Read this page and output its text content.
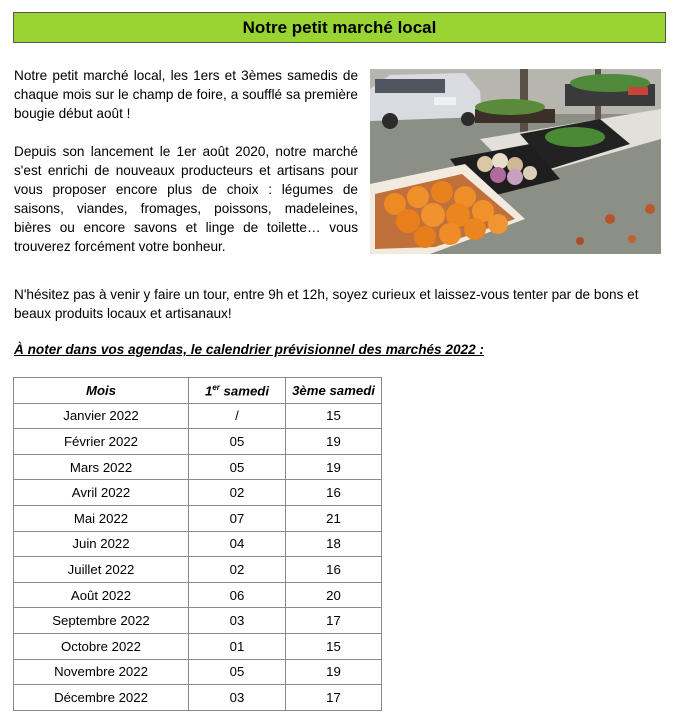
Notre petit marché local

Notre petit marché local, les 1ers et 3èmes samedis de chaque mois sur le champ de foire, a soufflé sa première bougie début août !

Depuis son lancement le 1er août 2020, notre marché s'est enrichi de nouveaux producteurs et artisans pour vous proposer encore plus de choix : légumes de saisons, viandes, fromages, poissons, madeleines, bières ou encore savons et linge de toilette… vous trouverez forcément votre bonheur.

N'hésitez pas à venir y faire un tour, entre 9h et 12h, soyez curieux et laissez-vous tenter par de bons et beaux produits locaux et artisanaux!

À noter dans vos agendas, le calendrier prévisionnel des marchés 2022 :

Mois	1er samedi	3ème samedi
Janvier 2022	/	15
Février 2022	05	19
Mars 2022	05	19
Avril 2022	02	16
Mai 2022	07	21
Juin 2022	04	18
Juillet 2022	02	16
Août 2022	06	20
Septembre 2022	03	17
Octobre 2022	01	15
Novembre 2022	05	19
Décembre 2022	03	17
